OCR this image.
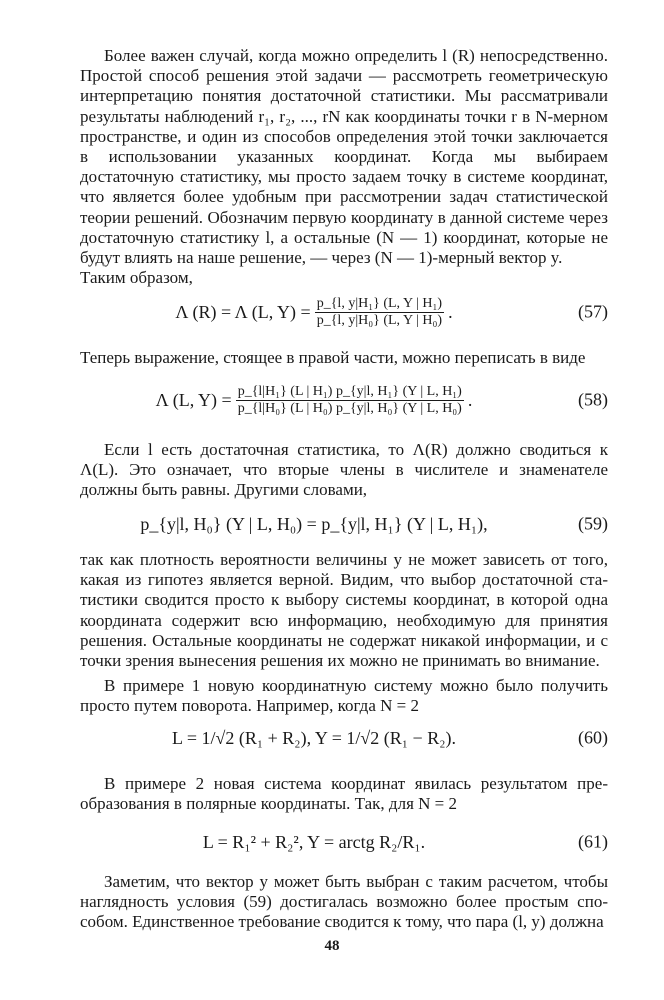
Более важен случай, когда можно определить l (R) непосредственно. Простой способ решения этой задачи — рассмотреть геометрическую интерпретацию понятия достаточной статистики. Мы рассматривали результаты наблюдений r₁, r₂, ..., rN как координаты точки r в N-мерном пространстве, и один из способов определения этой точки заключается в использовании указанных координат. Когда мы выбираем достаточную статистику, мы просто задаем точку в системе координат, что является более удобным при рассмотрении задач статистической теории решений. Обозначим первую координату в данной системе через достаточную статистику l, а остальные (N — 1) координат, которые не будут влиять на наше решение, — через (N — 1)-мерный вектор y.

Таким образом,

Λ (R) = Λ (L, $Y) = \frac{\text{p\_\{l, y|H₁\} (L, Y | H₁)}}{\text{p\_\{l, y|H₀\} (L, Y | H₀)}}$ .	(57)

Теперь выражение, стоящее в правой части, можно переписать в виде

Λ (L, $Y) = \frac{\text{p\_\{l|H₁\} (L | H₁) p\_\{y|l, H₁\} (Y | L, H₁)}}{\text{p\_\{l|H₀\} (L | H₀) p\_\{y|l, H₀\} (Y | L, H₀)}}$ .	(58)

Если l есть достаточная статистика, то Λ(R) должно сводиться к Λ(L). Это означает, что вторые члены в числителе и знаменателе должны быть равны. Другими словами,

p_{y|l, H₀} (Y | L, H₀) = p_{y|l, H₁} (Y | L, H₁),	(59)

так как плотность вероятности величины y не может зависеть от того, какая из гипотез является верной. Видим, что выбор достаточной статистики сводится просто к выбору системы координат, в которой одна координата содержит всю информацию, необходимую для принятия решения. Остальные координаты не содержат никакой информации, и с точки зрения вынесения решения их можно не принимать во внимание.

В примере 1 новую координатную систему можно было получить просто путем поворота. Например, когда N = 2

L = 1/√2 (R₁ + R₂), Y = 1/√2 (R₁ − R₂).	(60)

В примере 2 новая система координат явилась результатом преобразования в полярные координаты. Так, для N = 2

L = R₁² + R₂², Y = arctg R₂/R₁.	(61)

Заметим, что вектор y может быть выбран с таким расчетом, чтобы наглядность условия (59) достигалась возможно более простым способом. Единственное требование сводится к тому, что пара (l, y) должна

48
